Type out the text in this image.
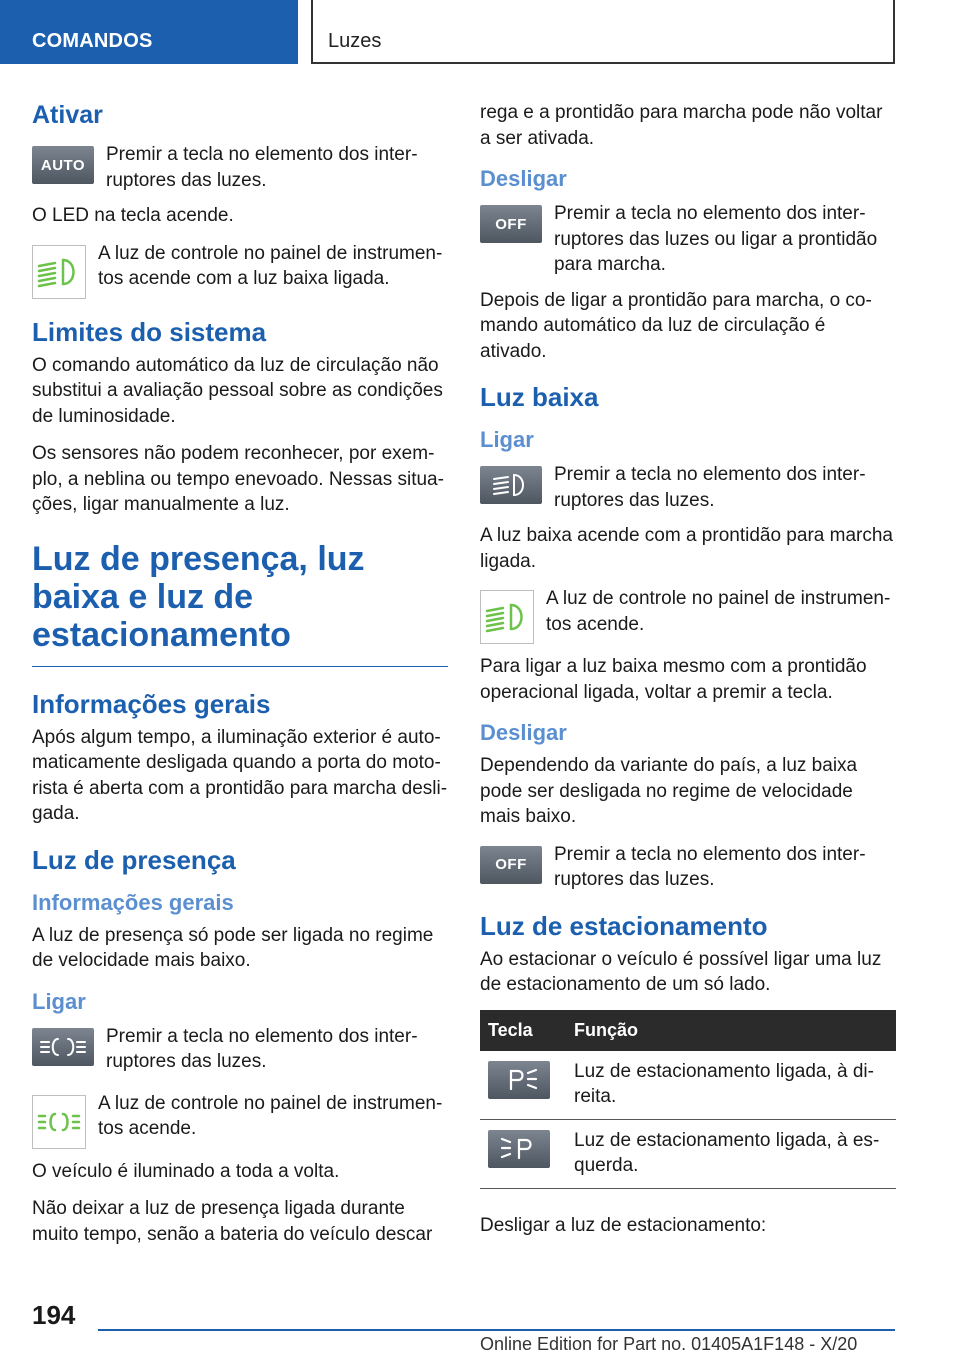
COMANDOS	Luzes
Ativar
AUTO Premir a tecla no elemento dos interruptores das luzes.

O LED na tecla acende.

A luz de controle no painel de instrumentos acende com a luz baixa ligada.
Limites do sistema

O comando automático da luz de circulação não substitui a avaliação pessoal sobre as condições de luminosidade.

Os sensores não podem reconhecer, por exemplo, a neblina ou tempo enevoado. Nessas situações, ligar manualmente a luz.

Luz de presença, luz baixa e luz de estacionamento
Informações gerais

Após algum tempo, a iluminação exterior é automaticamente desligada quando a porta do motorista é aberta com a prontidão para marcha desligada.

Luz de presença
Informações gerais

A luz de presença só pode ser ligada no regime de velocidade mais baixo.

Ligar
Premir a tecla no elemento dos interruptores das luzes.
A luz de controle no painel de instrumentos acende.

O veículo é iluminado a toda a volta.

Não deixar a luz de presença ligada durante muito tempo, senão a bateria do veículo descar

rega e a prontidão para marcha pode não voltar a ser ativada.

Desligar
OFF Premir a tecla no elemento dos interruptores das luzes ou ligar a prontidão para marcha.

Depois de ligar a prontidão para marcha, o comando automático da luz de circulação é ativado.

Luz baixa
Ligar
Premir a tecla no elemento dos interruptores das luzes.

A luz baixa acende com a prontidão para marcha ligada.

A luz de controle no painel de instrumentos acende.

Para ligar a luz baixa mesmo com a prontidão operacional ligada, voltar a premir a tecla.

Desligar

Dependendo da variante do país, a luz baixa pode ser desligada no regime de velocidade mais baixo.

OFF Premir a tecla no elemento dos interruptores das luzes.
Luz de estacionamento

Ao estacionar o veículo é possível ligar uma luz de estacionamento de um só lado.

Tecla	Função

	Luz de estacionamento ligada, à direita.

	Luz de estacionamento ligada, à esquerda.

Desligar a luz de estacionamento:

194
Online Edition for Part no. 01405A1F148 - X/20
